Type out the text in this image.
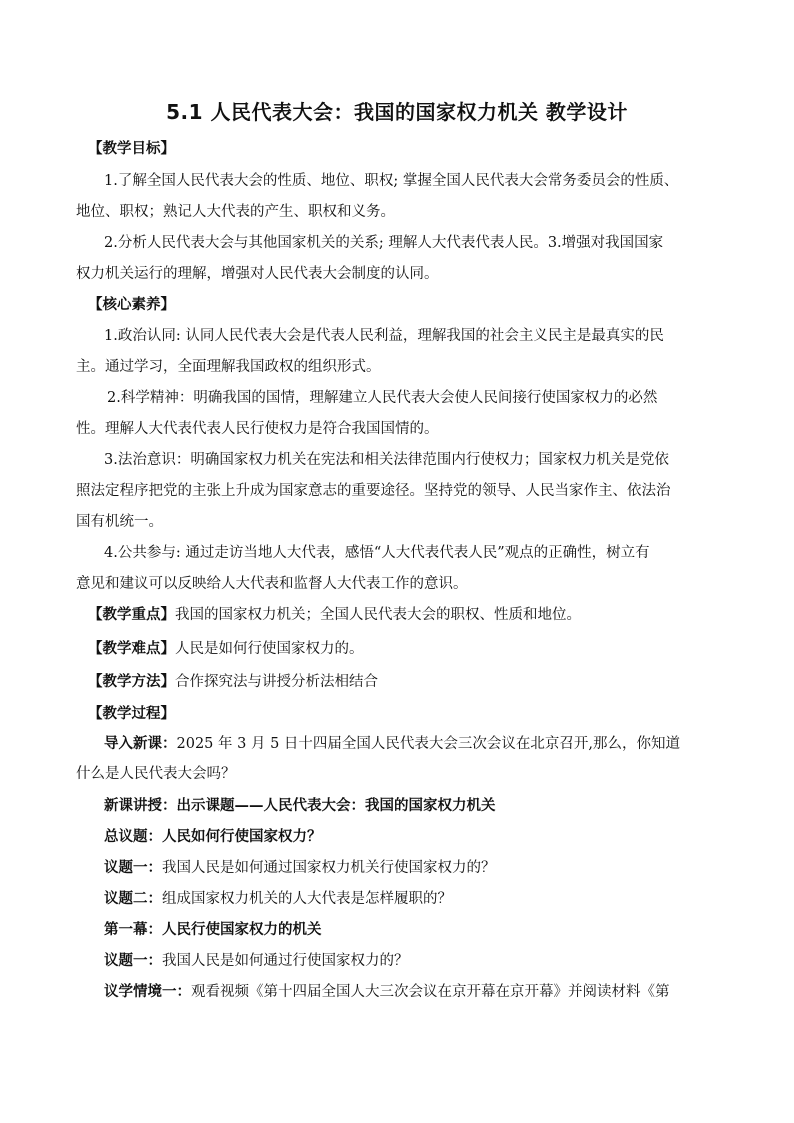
5.1 人民代表大会：我国的国家权力机关 教学设计
【教学目标】
1.了解全国人民代表大会的性质、地位、职权; 掌握全国人民代表大会常务委员会的性质、
地位、职权；熟记人大代表的产生、职权和义务。
2.分析人民代表大会与其他国家机关的关系; 理解人大代表代表人民。3.增强对我国国家
权力机关运行的理解，增强对人民代表大会制度的认同。
【核心素养】
1.政治认同: 认同人民代表大会是代表人民利益，理解我国的社会主义民主是最真实的民
主。通过学习，全面理解我国政权的组织形式。
2.科学精神：明确我国的国情，理解建立人民代表大会使人民间接行使国家权力的必然
性。理解人大代表代表人民行使权力是符合我国国情的。
3.法治意识：明确国家权力机关在宪法和相关法律范围内行使权力；国家权力机关是党依
照法定程序把党的主张上升成为国家意志的重要途径。坚持党的领导、人民当家作主、依法治
国有机统一。
4.公共参与: 通过走访当地人大代表，感悟“人大代表代表人民”观点的正确性，树立有
意见和建议可以反映给人大代表和监督人大代表工作的意识。
【教学重点】我国的国家权力机关；全国人民代表大会的职权、性质和地位。
【教学难点】人民是如何行使国家权力的。
【教学方法】合作探究法与讲授分析法相结合
【教学过程】
导入新课：2025 年 3 月 5 日十四届全国人民代表大会三次会议在北京召开,那么，你知道
什么是人民代表大会吗？
新课讲授：出示课题——人民代表大会：我国的国家权力机关
总议题：人民如何行使国家权力？
议题一：我国人民是如何通过国家权力机关行使国家权力的？
议题二：组成国家权力机关的人大代表是怎样履职的？
第一幕：人民行使国家权力的机关
议题一：我国人民是如何通过行使国家权力的？
议学情境一：观看视频《第十四届全国人大三次会议在京开幕在京开幕》并阅读材料《第
